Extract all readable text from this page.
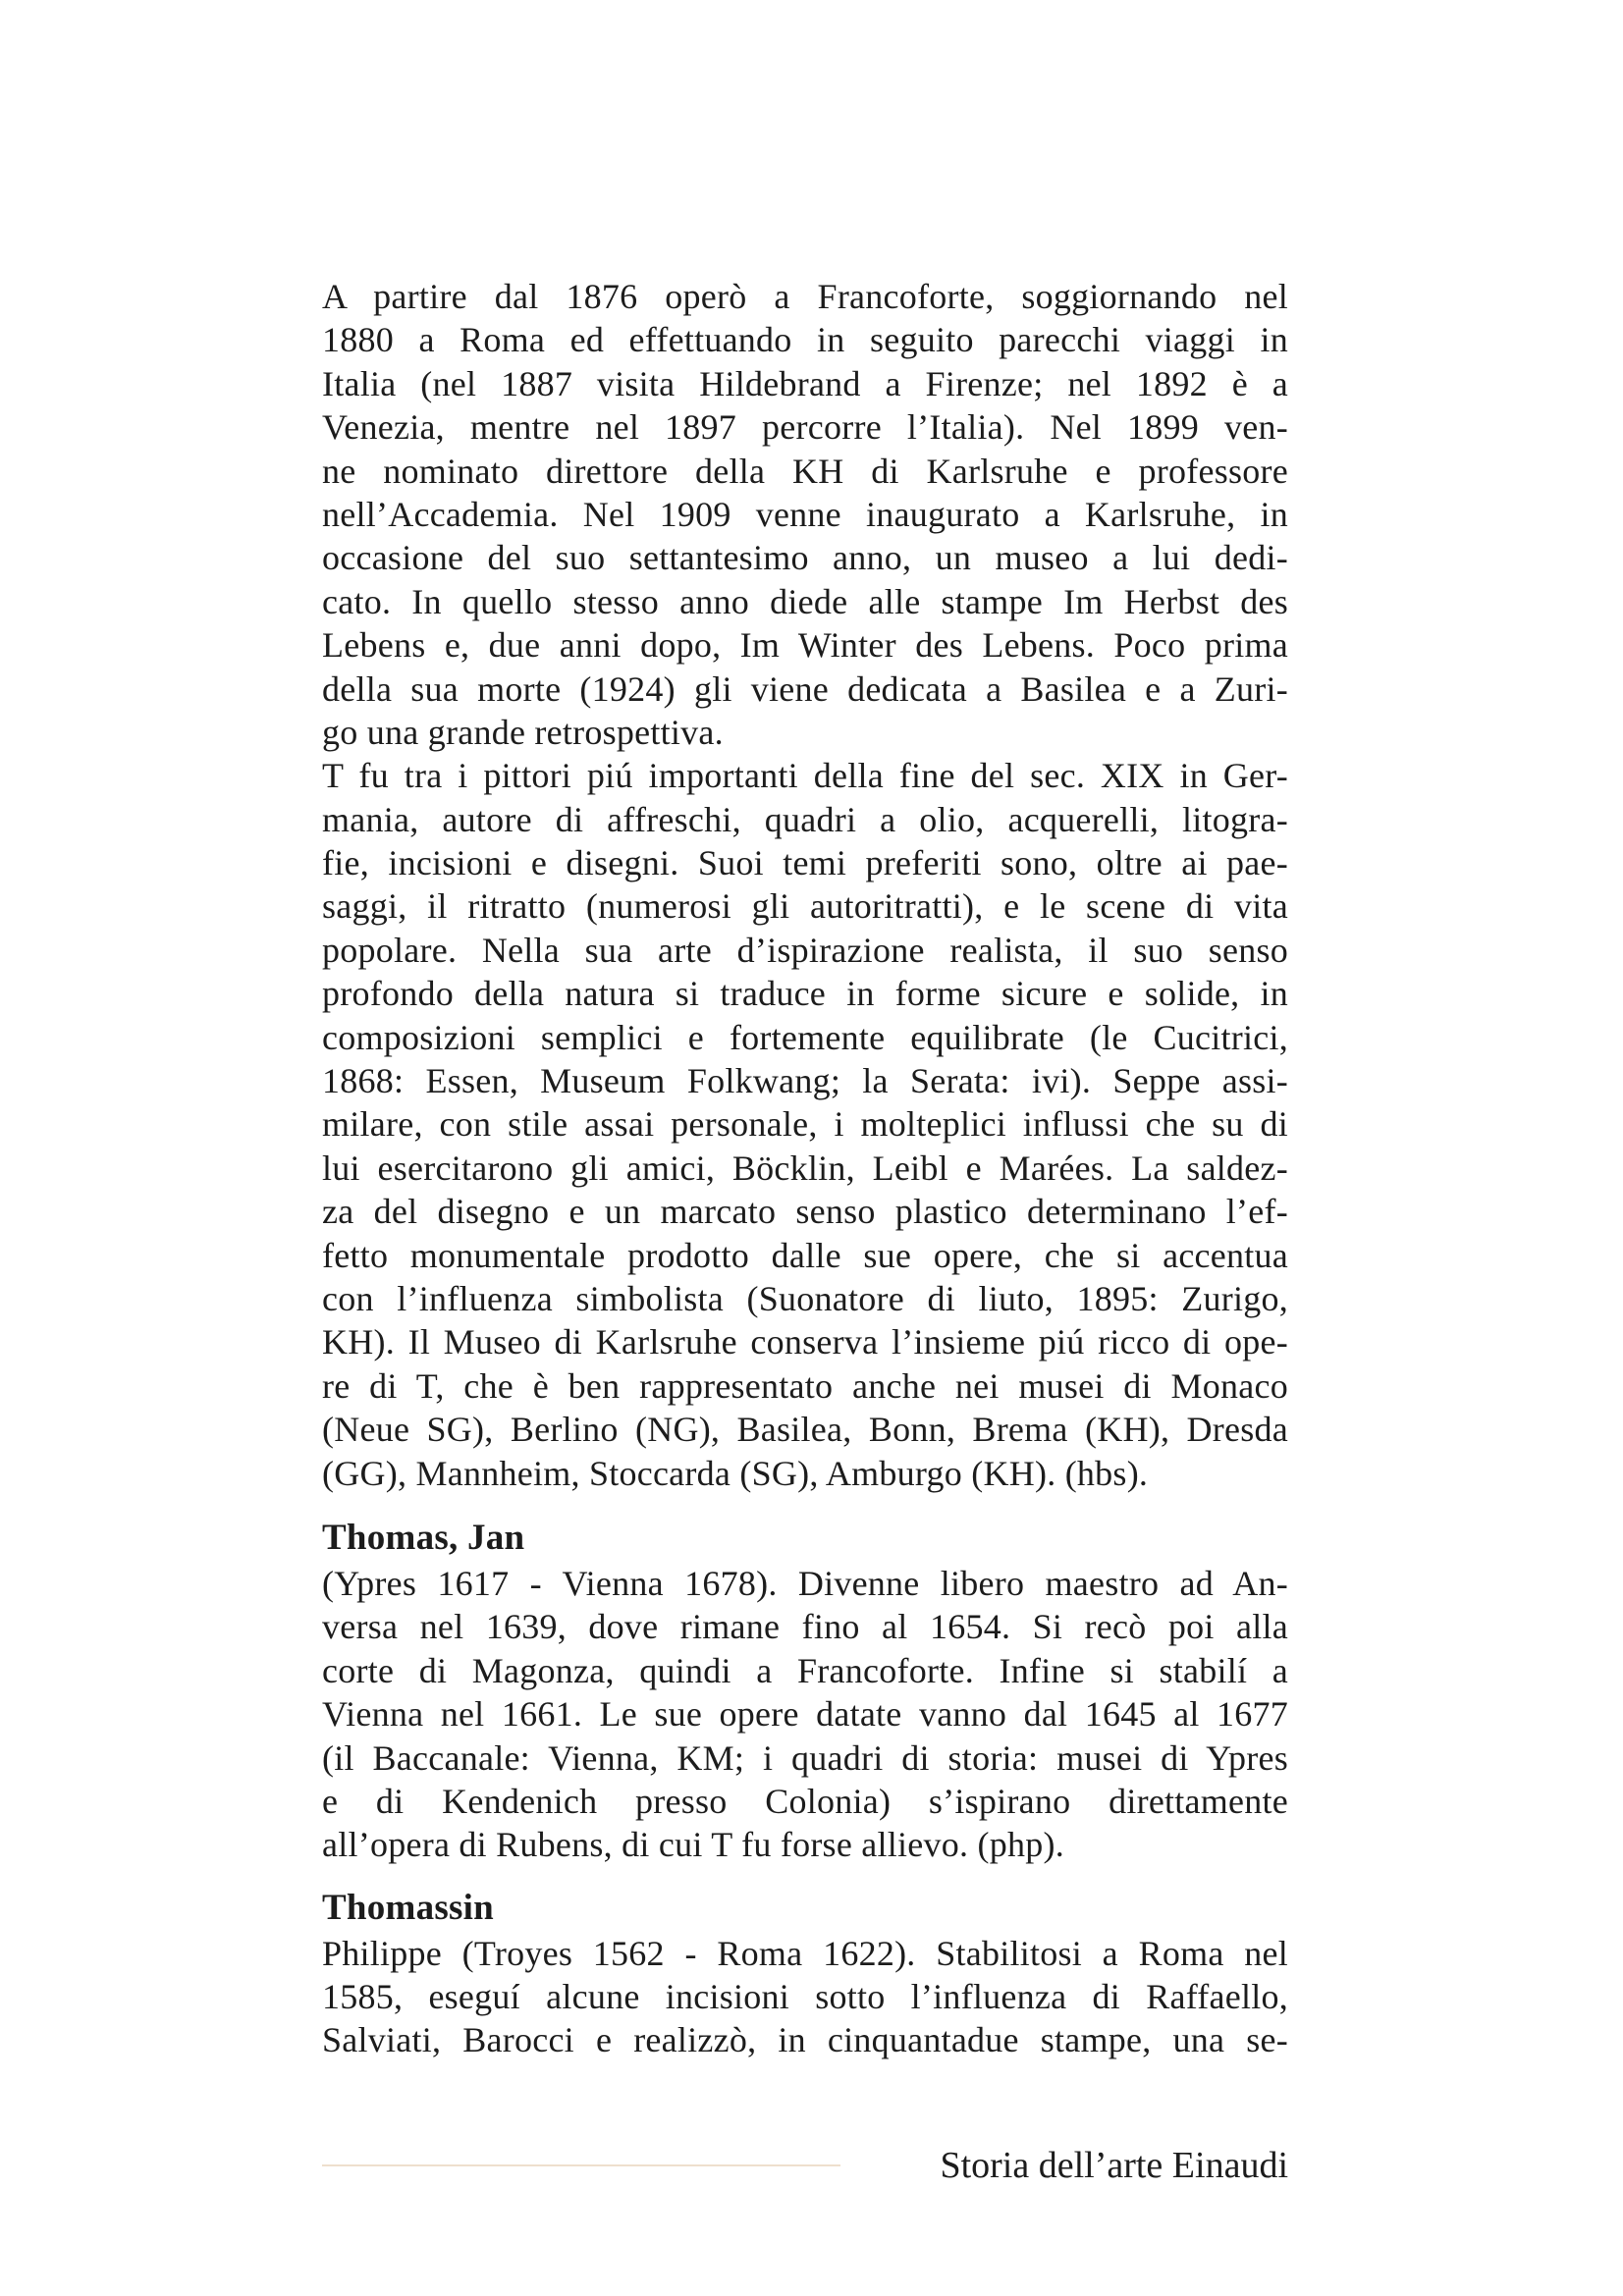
A partire dal 1876 operò a Francoforte, soggiornando nel
1880 a Roma ed effettuando in seguito parecchi viaggi in
Italia (nel 1887 visita Hildebrand a Firenze; nel 1892 è a
Venezia, mentre nel 1897 percorre l’Italia). Nel 1899 ven-
ne nominato direttore della KH di Karlsruhe e professore
nell’Accademia. Nel 1909 venne inaugurato a Karlsruhe, in
occasione del suo settantesimo anno, un museo a lui dedi-
cato. In quello stesso anno diede alle stampe Im Herbst des
Lebens e, due anni dopo, Im Winter des Lebens. Poco prima
della sua morte (1924) gli viene dedicata a Basilea e a Zuri-
go una grande retrospettiva.
T fu tra i pittori piú importanti della fine del sec. XIX in Ger-
mania, autore di affreschi, quadri a olio, acquerelli, litogra-
fie, incisioni e disegni. Suoi temi preferiti sono, oltre ai pae-
saggi, il ritratto (numerosi gli autoritratti), e le scene di vita
popolare. Nella sua arte d’ispirazione realista, il suo senso
profondo della natura si traduce in forme sicure e solide, in
composizioni semplici e fortemente equilibrate (le Cucitrici,
1868: Essen, Museum Folkwang; la Serata: ivi). Seppe assi-
milare, con stile assai personale, i molteplici influssi che su di
lui esercitarono gli amici, Böcklin, Leibl e Marées. La saldez-
za del disegno e un marcato senso plastico determinano l’ef-
fetto monumentale prodotto dalle sue opere, che si accentua
con l’influenza simbolista (Suonatore di liuto, 1895: Zurigo,
KH). Il Museo di Karlsruhe conserva l’insieme piú ricco di ope-
re di T, che è ben rappresentato anche nei musei di Monaco
(Neue SG), Berlino (NG), Basilea, Bonn, Brema (KH), Dresda
(GG), Mannheim, Stoccarda (SG), Amburgo (KH). (hbs).
Thomas, Jan
(Ypres 1617 - Vienna 1678). Divenne libero maestro ad An-
versa nel 1639, dove rimane fino al 1654. Si recò poi alla
corte di Magonza, quindi a Francoforte. Infine si stabilí a
Vienna nel 1661. Le sue opere datate vanno dal 1645 al 1677
(il Baccanale: Vienna, KM; i quadri di storia: musei di Ypres
e di Kendenich presso Colonia) s’ispirano direttamente
all’opera di Rubens, di cui T fu forse allievo. (php).
Thomassin
Philippe (Troyes 1562 - Roma 1622). Stabilitosi a Roma nel
1585, eseguí alcune incisioni sotto l’influenza di Raffaello,
Salviati, Barocci e realizzò, in cinquantadue stampe, una se-
Storia dell’arte Einaudi
